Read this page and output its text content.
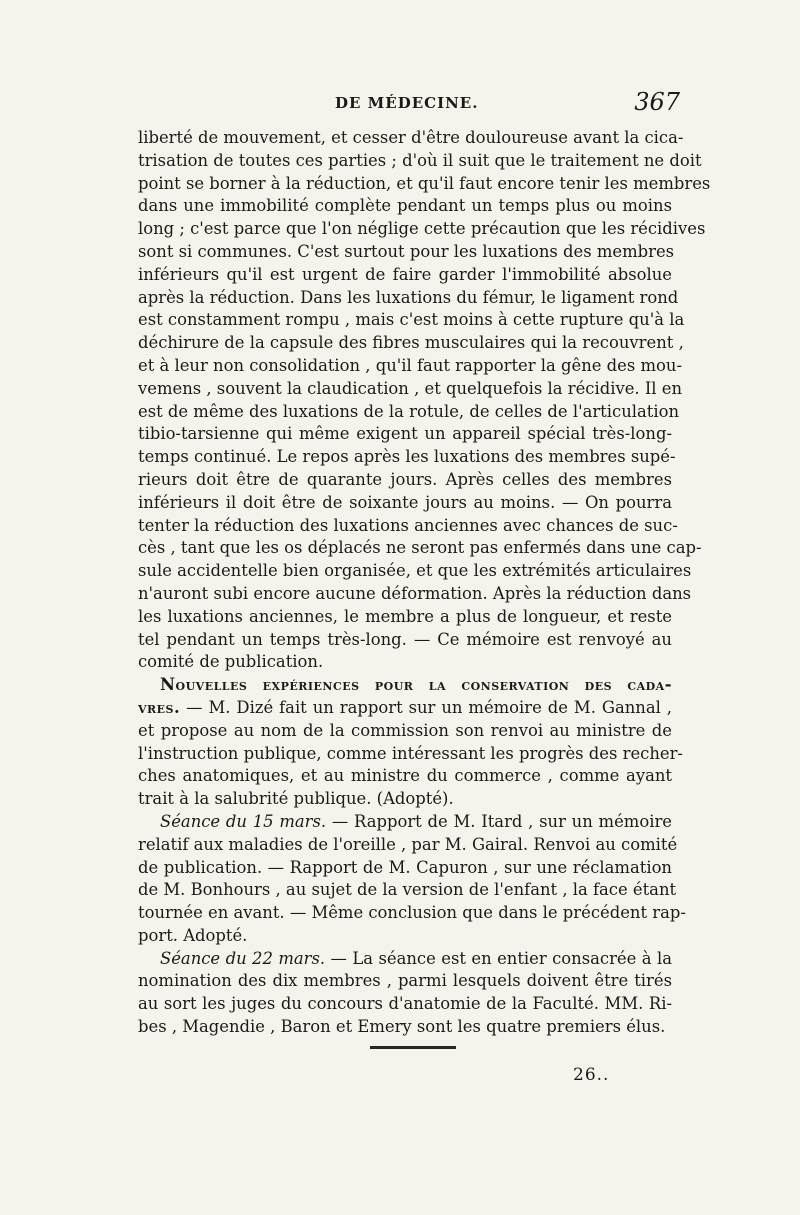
DE MÉDECINE.	367

liberté de mouvement, et cesser d'être douloureuse avant la cica-
trisation de toutes ces parties ; d'où il suit que le traitement ne doit
point se borner à la réduction, et qu'il faut encore tenir les membres
dans une immobilité complète pendant un temps plus ou moins
long ; c'est parce que l'on néglige cette précaution que les récidives
sont si communes. C'est surtout pour les luxations des membres
inférieurs qu'il est urgent de faire garder l'immobilité absolue
après la réduction. Dans les luxations du fémur, le ligament rond
est constamment rompu , mais c'est moins à cette rupture qu'à la
déchirure de la capsule des fibres musculaires qui la recouvrent ,
et à leur non consolidation , qu'il faut rapporter la gêne des mou-
vemens , souvent la claudication , et quelquefois la récidive. Il en
est de même des luxations de la rotule, de celles de l'articulation
tibio-tarsienne qui même exigent un appareil spécial très-long-
temps continué. Le repos après les luxations des membres supé-
rieurs doit être de quarante jours. Après celles des membres
inférieurs il doit être de soixante jours au moins. — On pourra
tenter la réduction des luxations anciennes avec chances de suc-
cès , tant que les os déplacés ne seront pas enfermés dans une cap-
sule accidentelle bien organisée, et que les extrémités articulaires
n'auront subi encore aucune déformation. Après la réduction dans
les luxations anciennes, le membre a plus de longueur, et reste
tel pendant un temps très-long. — Ce mémoire est renvoyé au
comité de publication.

Nouvelles expériences pour la conservation des cada-
vres. — M. Dizé fait un rapport sur un mémoire de M. Gannal ,
et propose au nom de la commission son renvoi au ministre de
l'instruction publique, comme intéressant les progrès des recher-
ches anatomiques, et au ministre du commerce , comme ayant
trait à la salubrité publique. (Adopté).

Séance du 15 mars. — Rapport de M. Itard , sur un mémoire
relatif aux maladies de l'oreille , par M. Gairal. Renvoi au comité
de publication. — Rapport de M. Capuron , sur une réclamation
de M. Bonhours , au sujet de la version de l'enfant , la face étant
tournée en avant. — Même conclusion que dans le précédent rap-
port. Adopté.

Séance du 22 mars. — La séance est en entier consacrée à la
nomination des dix membres , parmi lesquels doivent être tirés
au sort les juges du concours d'anatomie de la Faculté. MM. Ri-
bes , Magendie , Baron et Emery sont les quatre premiers élus.

26..
